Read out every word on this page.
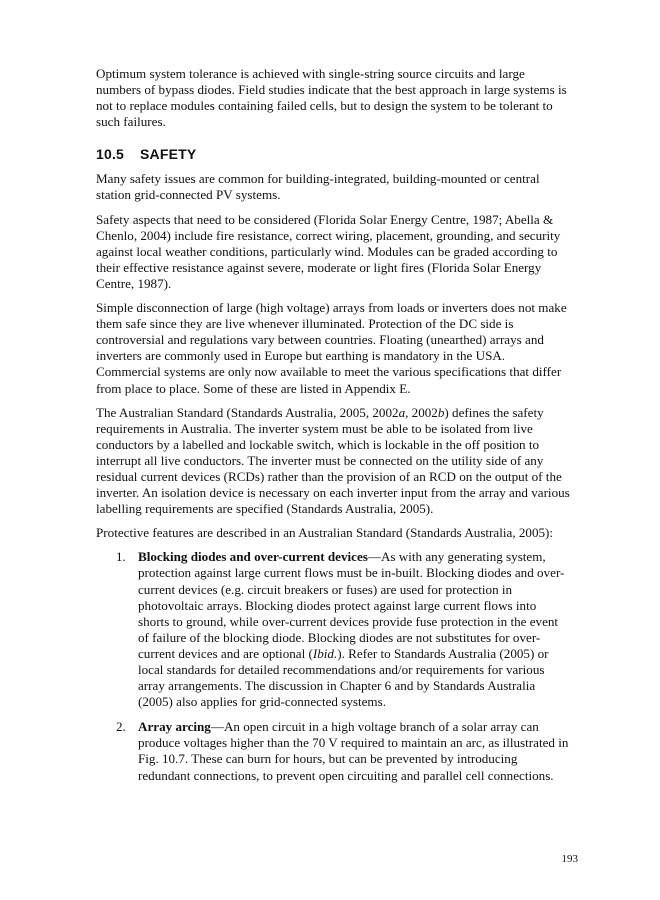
Optimum system tolerance is achieved with single-string source circuits and large numbers of bypass diodes. Field studies indicate that the best approach in large systems is not to replace modules containing failed cells, but to design the system to be tolerant to such failures.

10.5 SAFETY

Many safety issues are common for building-integrated, building-mounted or central station grid-connected PV systems.

Safety aspects that need to be considered (Florida Solar Energy Centre, 1987; Abella & Chenlo, 2004) include fire resistance, correct wiring, placement, grounding, and security against local weather conditions, particularly wind. Modules can be graded according to their effective resistance against severe, moderate or light fires (Florida Solar Energy Centre, 1987).

Simple disconnection of large (high voltage) arrays from loads or inverters does not make them safe since they are live whenever illuminated. Protection of the DC side is controversial and regulations vary between countries. Floating (unearthed) arrays and inverters are commonly used in Europe but earthing is mandatory in the USA. Commercial systems are only now available to meet the various specifications that differ from place to place. Some of these are listed in Appendix E.

The Australian Standard (Standards Australia, 2005, 2002a, 2002b) defines the safety requirements in Australia. The inverter system must be able to be isolated from live conductors by a labelled and lockable switch, which is lockable in the off position to interrupt all live conductors. The inverter must be connected on the utility side of any residual current devices (RCDs) rather than the provision of an RCD on the output of the inverter. An isolation device is necessary on each inverter input from the array and various labelling requirements are specified (Standards Australia, 2005).

Protective features are described in an Australian Standard (Standards Australia, 2005):

1. Blocking diodes and over-current devices—As with any generating system, protection against large current flows must be in-built. Blocking diodes and over-current devices (e.g. circuit breakers or fuses) are used for protection in photovoltaic arrays. Blocking diodes protect against large current flows into shorts to ground, while over-current devices provide fuse protection in the event of failure of the blocking diode. Blocking diodes are not substitutes for over-current devices and are optional (Ibid.). Refer to Standards Australia (2005) or local standards for detailed recommendations and/or requirements for various array arrangements. The discussion in Chapter 6 and by Standards Australia (2005) also applies for grid-connected systems.
2. Array arcing—An open circuit in a high voltage branch of a solar array can produce voltages higher than the 70 V required to maintain an arc, as illustrated in Fig. 10.7. These can burn for hours, but can be prevented by introducing redundant connections, to prevent open circuiting and parallel cell connections.
193
